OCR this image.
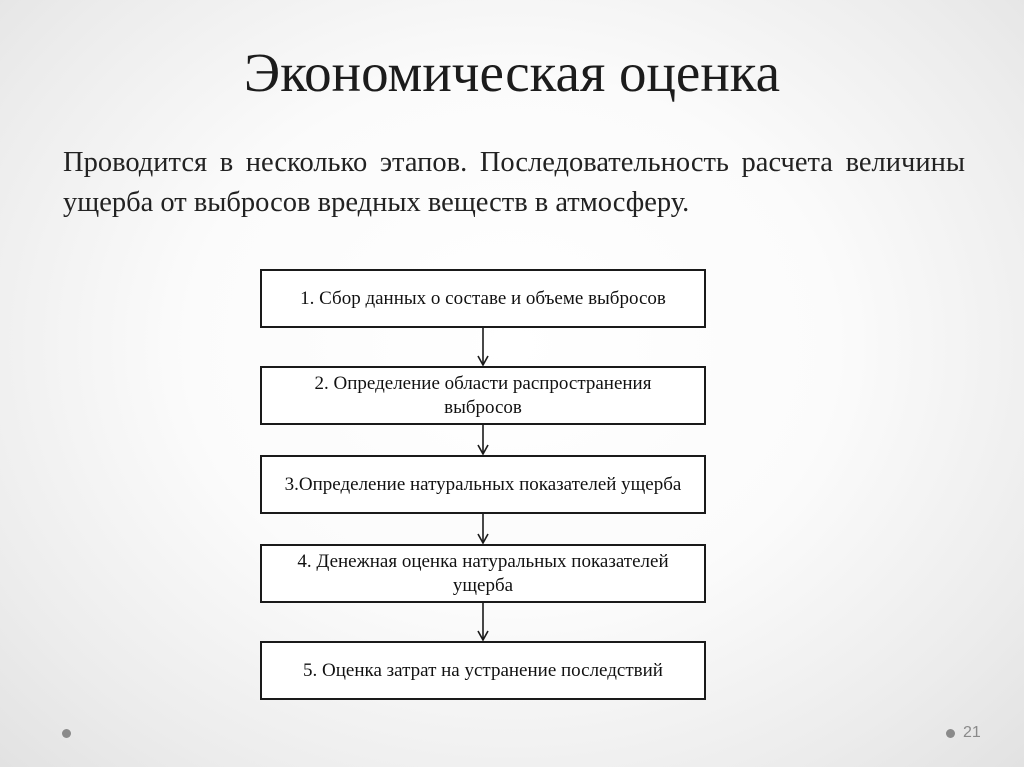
Экономическая оценка
Проводится в несколько этапов. Последовательность расчета величины ущерба от выбросов вредных веществ в атмосферу.
1. Сбор данных о составе и объеме выбросов
2. Определение области распространения выбросов
3.Определение натуральных показателей ущерба
4. Денежная оценка натуральных показателей ущерба
5. Оценка затрат на устранение последствий
21
